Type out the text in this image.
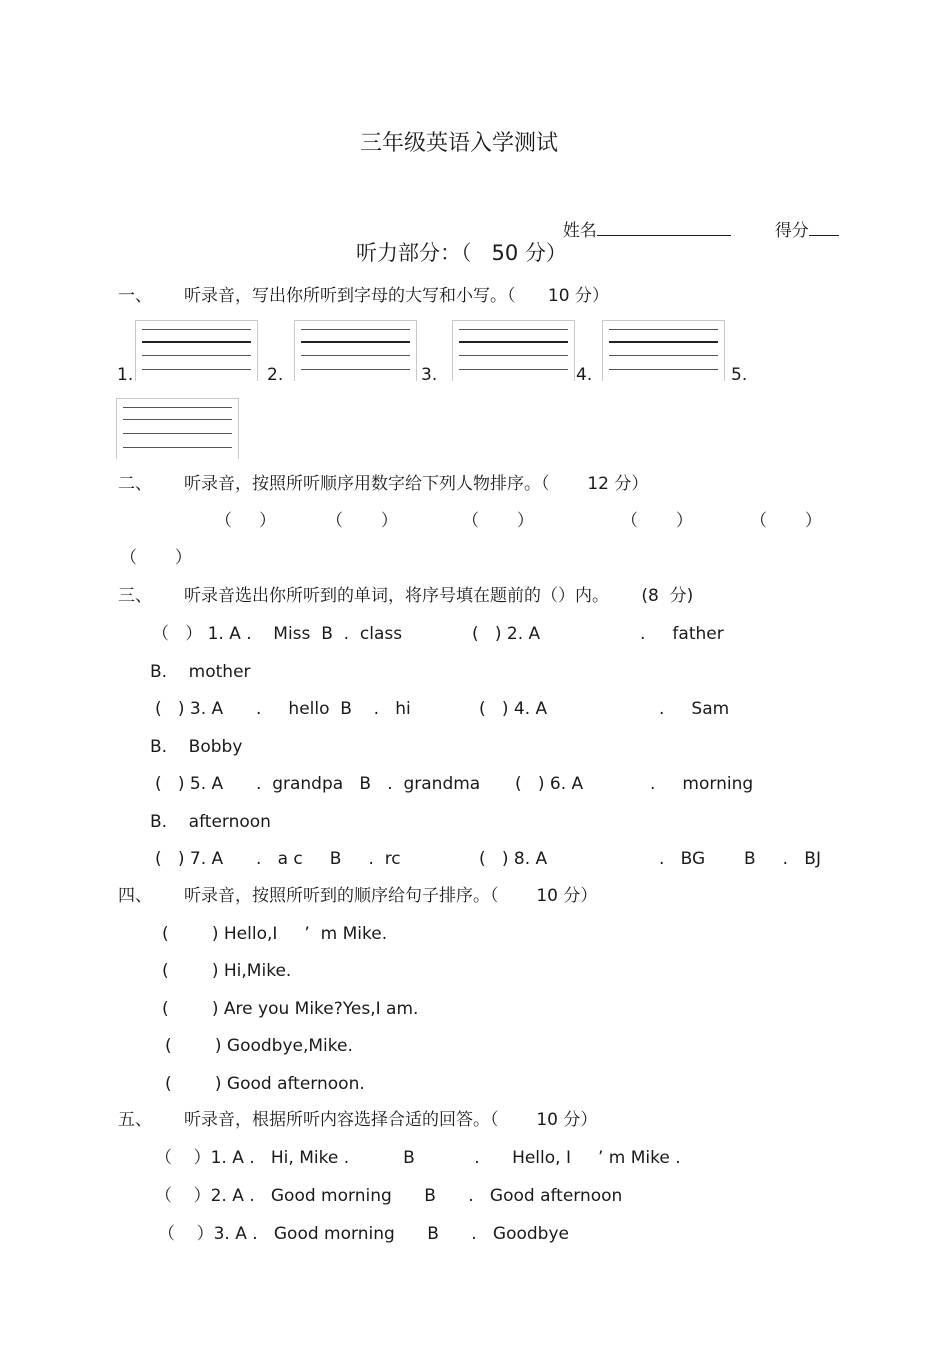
三年级英语入学测试

姓名	得分

听力部分：（   50 分）
一、 听录音，写出你所听到字母的大写和小写。（      10 分）
1.	2.	3.	4.	5.
二、 听录音，按照所听顺序用数字给下列人物排序。（       12 分）
（     ）	（       ）	（       ）	（       ）	（       ）
（       ）
三、 听录音选出你所听到的单词，将序号填在题前的（）内。      (8  分)
（   ） 1. A .    Miss  B  .  class	(   ) 2. A	.     father
B.    mother
(   ) 3. A .     hello  B    .   hi	(   ) 4. A	.     Sam
B.    Bobby
(   ) 5. A .  grandpa   B   .  grandma (   ) 6. A	.     morning
B.    afternoon
(   ) 7. A .   a c     B     .  rc	(   ) 8. A	.   BG B     .   BJ
四、 听录音，按照所听到的顺序给句子排序。（       10 分）
(        ) Hello,I     ’  m Mike.
(        ) Hi,Mike.
(        ) Are you Mike?Yes,I am.
(        ) Goodbye,Mike.
(        ) Good afternoon.
五、 听录音，根据所听内容选择合适的回答。（       10 分）
（    ）1. A .   Hi, Mike .          B           .      Hello, I     ’ m Mike .
（    ）2. A .   Good morning      B      .   Good afternoon
（    ）3. A .   Good morning      B      .   Goodbye
